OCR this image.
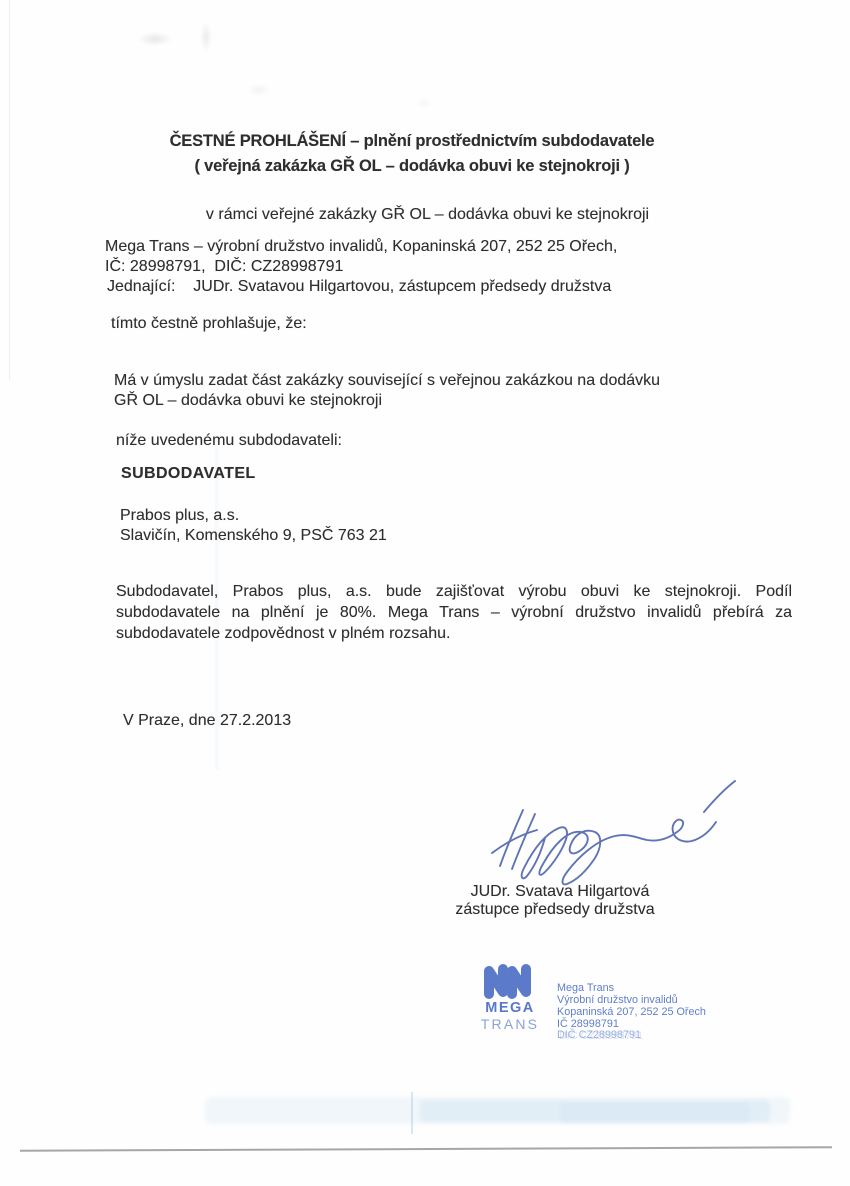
ČESTNÉ PROHLÁŠENÍ – plnění prostřednictvím subdodavatele
( veřejná zakázka GŘ OL – dodávka obuvi ke stejnokroji )
v rámci veřejné zakázky GŘ OL – dodávka obuvi ke stejnokroji
Mega Trans – výrobní družstvo invalidů, Kopaninská 207, 252 25 Ořech,
IČ: 28998791,  DIČ: CZ28998791
Jednající:    JUDr. Svatavou Hilgartovou, zástupcem předsedy družstva
tímto čestně prohlašuje, že:
Má v úmyslu zadat část zakázky související s veřejnou zakázkou na dodávku
GŘ OL – dodávka obuvi ke stejnokroji
níže uvedenému subdodavateli:
SUBDODAVATEL
Prabos plus, a.s.
Slavičín, Komenského 9, PSČ 763 21
Subdodavatel, Prabos plus, a.s. bude zajišťovat výrobu obuvi ke stejnokroji. Podíl
subdodavatele na plnění je 80%. Mega Trans – výrobní družstvo invalidů přebírá za
subdodavatele zodpovědnost v plném rozsahu.
V Praze, dne 27.2.2013
JUDr. Svatava Hilgartová
zástupce předsedy družstva
MEGA
TRANS
Mega Trans
Výrobní družstvo invalidů
Kopaninská 207, 252 25 Ořech
IČ 28998791
DIČ CZ28998791
